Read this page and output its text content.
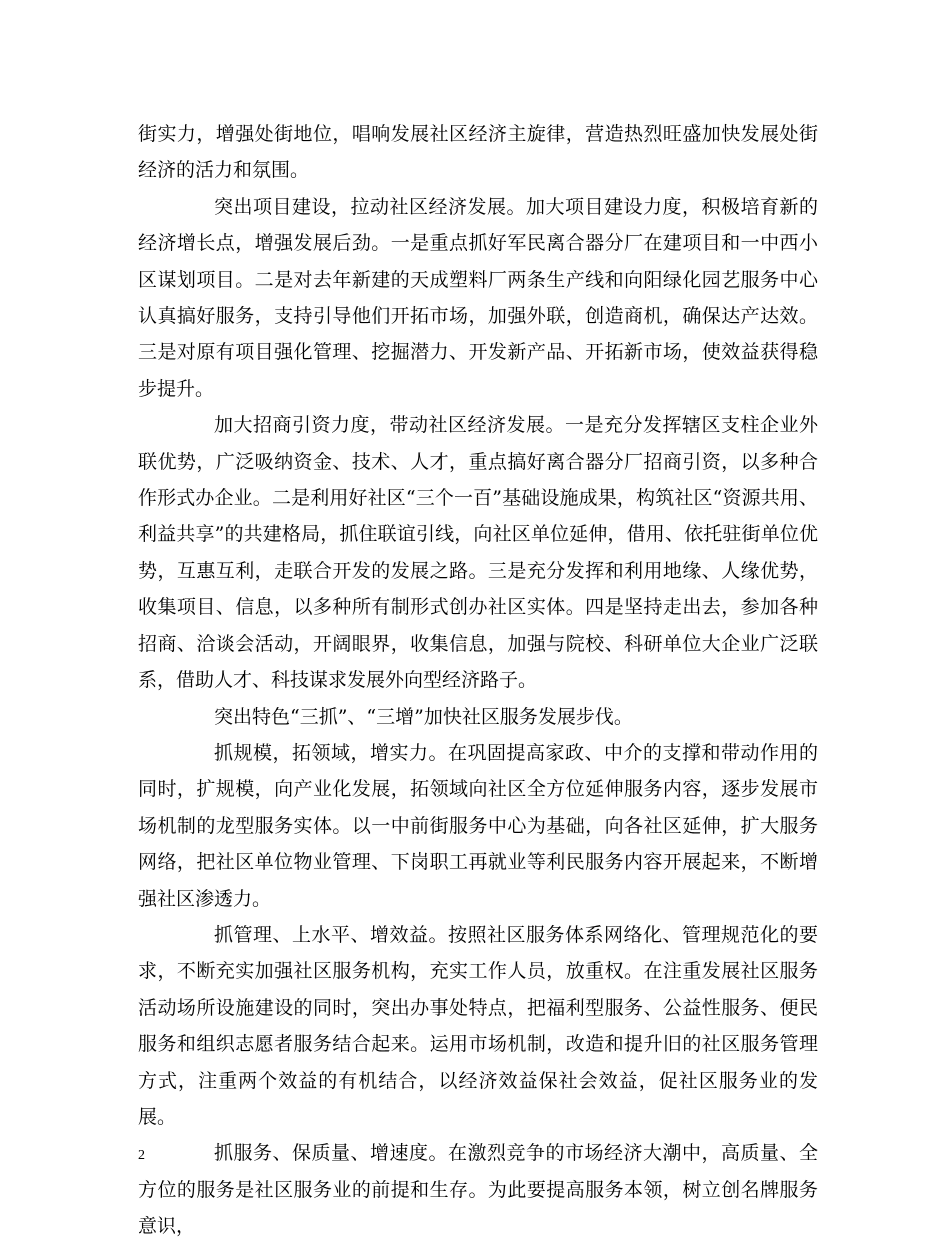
街实力，增强处街地位，唱响发展社区经济主旋律，营造热烈旺盛加快发展处街经济的活力和氛围。

突出项目建设，拉动社区经济发展。加大项目建设力度，积极培育新的经济增长点，增强发展后劲。一是重点抓好军民离合器分厂在建项目和一中西小区谋划项目。二是对去年新建的天成塑料厂两条生产线和向阳绿化园艺服务中心认真搞好服务，支持引导他们开拓市场，加强外联，创造商机，确保达产达效。三是对原有项目强化管理、挖掘潜力、开发新产品、开拓新市场，使效益获得稳步提升。

加大招商引资力度，带动社区经济发展。一是充分发挥辖区支柱企业外联优势，广泛吸纳资金、技术、人才，重点搞好离合器分厂招商引资，以多种合作形式办企业。二是利用好社区“三个一百”基础设施成果，构筑社区“资源共用、利益共享”的共建格局，抓住联谊引线，向社区单位延伸，借用、依托驻街单位优势，互惠互利，走联合开发的发展之路。三是充分发挥和利用地缘、人缘优势，收集项目、信息，以多种所有制形式创办社区实体。四是坚持走出去，参加各种招商、洽谈会活动，开阔眼界，收集信息，加强与院校、科研单位大企业广泛联系，借助人才、科技谋求发展外向型经济路子。

突出特色“三抓”、“三增”加快社区服务发展步伐。

抓规模，拓领域，增实力。在巩固提高家政、中介的支撑和带动作用的同时，扩规模，向产业化发展，拓领域向社区全方位延伸服务内容，逐步发展市场机制的龙型服务实体。以一中前街服务中心为基础，向各社区延伸，扩大服务网络，把社区单位物业管理、下岗职工再就业等利民服务内容开展起来，不断增强社区渗透力。

抓管理、上水平、增效益。按照社区服务体系网络化、管理规范化的要求，不断充实加强社区服务机构，充实工作人员，放重权。在注重发展社区服务活动场所设施建设的同时，突出办事处特点，把福利型服务、公益性服务、便民服务和组织志愿者服务结合起来。运用市场机制，改造和提升旧的社区服务管理方式，注重两个效益的有机结合，以经济效益保社会效益，促社区服务业的发展。

抓服务、保质量、增速度。在激烈竞争的市场经济大潮中，高质量、全方位的服务是社区服务业的前提和生存。为此要提高服务本领，树立创名牌服务意识，

2
